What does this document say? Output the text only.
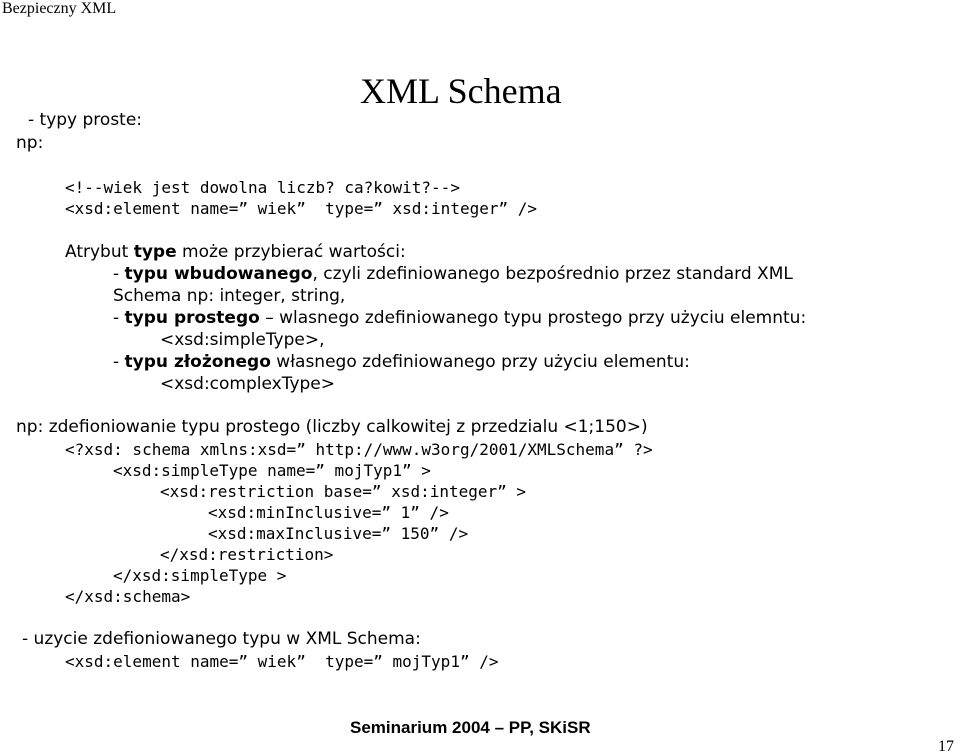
Bezpieczny XML
XML Schema
- typy proste:
np:
<!--wiek jest dowolna liczb? ca?kowit?-->
<xsd:element name=” wiek”  type=” xsd:integer” />
Atrybut type może przybierać wartości:
- typu wbudowanego, czyli zdefiniowanego bezpośrednio przez standard XML
Schema np: integer, string,
- typu prostego – wlasnego zdefiniowanego typu prostego przy użyciu elemntu:
<xsd:simpleType>,
- typu złożonego własnego zdefiniowanego przy użyciu elementu:
<xsd:complexType>
np: zdefioniowanie typu prostego (liczby calkowitej z przedzialu <1;150>)
<?xsd: schema xmlns:xsd=” http://www.w3org/2001/XMLSchema” ?>
<xsd:simpleType name=” mojTyp1” >
<xsd:restriction base=” xsd:integer” >
<xsd:minInclusive=” 1” />
<xsd:maxInclusive=” 150” />
</xsd:restriction>
</xsd:simpleType >
</xsd:schema>
- uzycie zdefioniowanego typu w XML Schema:
<xsd:element name=” wiek”  type=” mojTyp1” />
Seminarium 2004 – PP, SKiSR
17
